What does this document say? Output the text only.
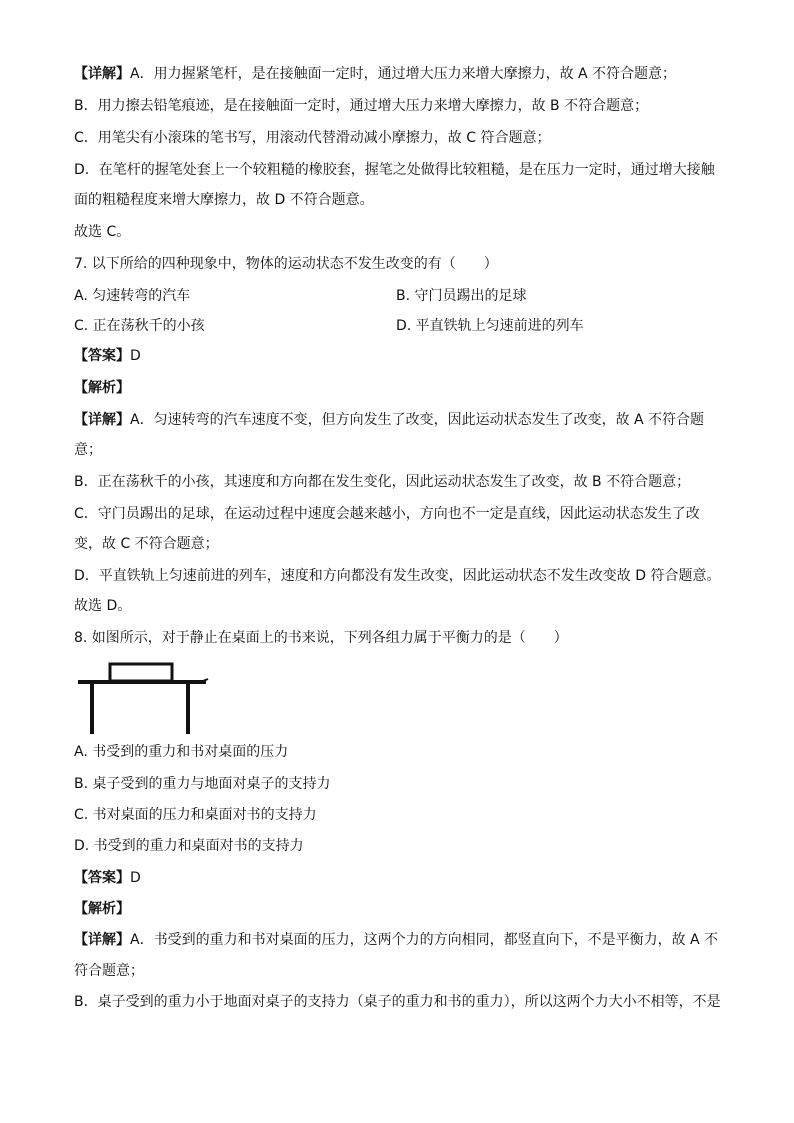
【详解】A．用力握紧笔杆，是在接触面一定时，通过增大压力来增大摩擦力，故 A 不符合题意；
B．用力擦去铅笔痕迹，是在接触面一定时，通过增大压力来增大摩擦力，故 B 不符合题意；
C．用笔尖有小滚珠的笔书写，用滚动代替滑动减小摩擦力，故 C 符合题意；
D．在笔杆的握笔处套上一个较粗糙的橡胶套，握笔之处做得比较粗糙，是在压力一定时，通过增大接触
面的粗糙程度来增大摩擦力，故 D 不符合题意。
故选 C。
7. 以下所给的四种现象中，物体的运动状态不发生改变的有（　　）
A. 匀速转弯的汽车	B. 守门员踢出的足球
C. 正在荡秋千的小孩	D. 平直铁轨上匀速前进的列车
【答案】D
【解析】
【详解】A．匀速转弯的汽车速度不变，但方向发生了改变，因此运动状态发生了改变，故 A 不符合题
意；
B．正在荡秋千的小孩，其速度和方向都在发生变化，因此运动状态发生了改变，故 B 不符合题意；
C．守门员踢出的足球，在运动过程中速度会越来越小，方向也不一定是直线，因此运动状态发生了改
变，故 C 不符合题意；
D．平直铁轨上匀速前进的列车，速度和方向都没有发生改变，因此运动状态不发生改变故 D 符合题意。
故选 D。
8. 如图所示，对于静止在桌面上的书来说，下列各组力属于平衡力的是（　　）
A. 书受到的重力和书对桌面的压力
B. 桌子受到的重力与地面对桌子的支持力
C. 书对桌面的压力和桌面对书的支持力
D. 书受到的重力和桌面对书的支持力
【答案】D
【解析】
【详解】A．书受到的重力和书对桌面的压力，这两个力的方向相同，都竖直向下，不是平衡力，故 A 不
符合题意；
B．桌子受到的重力小于地面对桌子的支持力（桌子的重力和书的重力），所以这两个力大小不相等，不是
